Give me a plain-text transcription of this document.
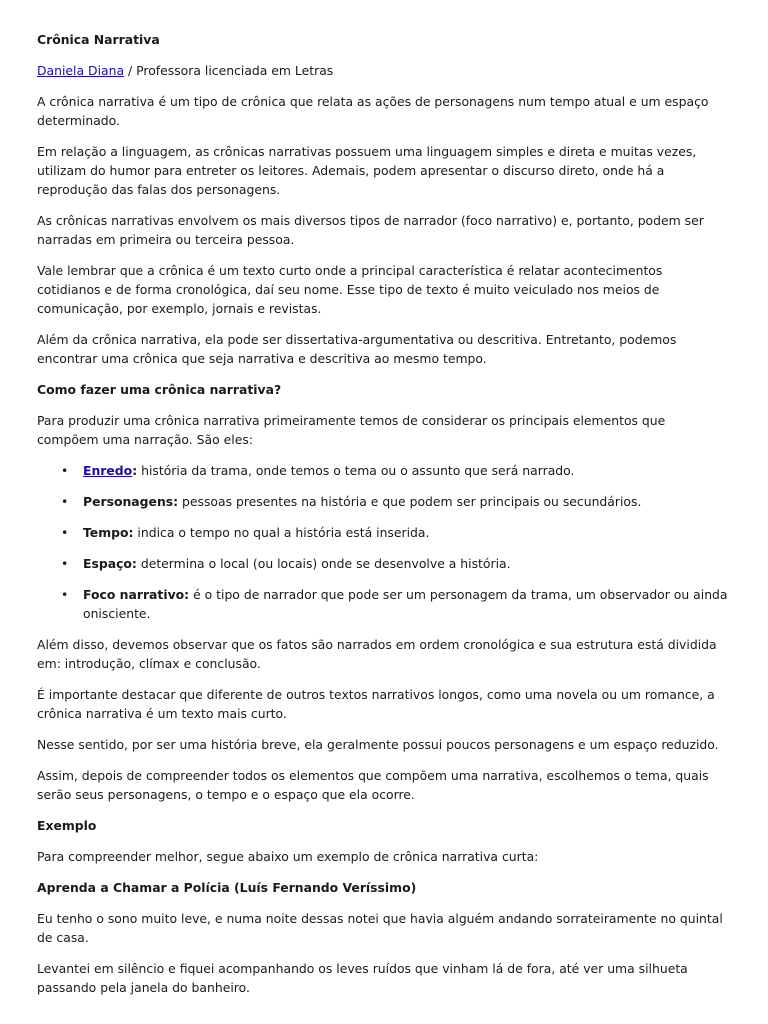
Crônica Narrativa

Daniela Diana / Professora licenciada em Letras

A crônica narrativa é um tipo de crônica que relata as ações de personagens num tempo atual e um espaço determinado.

Em relação a linguagem, as crônicas narrativas possuem uma linguagem simples e direta e muitas vezes, utilizam do humor para entreter os leitores. Ademais, podem apresentar o discurso direto, onde há a reprodução das falas dos personagens.

As crônicas narrativas envolvem os mais diversos tipos de narrador (foco narrativo) e, portanto, podem ser narradas em primeira ou terceira pessoa.

Vale lembrar que a crônica é um texto curto onde a principal característica é relatar acontecimentos cotidianos e de forma cronológica, daí seu nome. Esse tipo de texto é muito veiculado nos meios de comunicação, por exemplo, jornais e revistas.

Além da crônica narrativa, ela pode ser dissertativa-argumentativa ou descritiva. Entretanto, podemos encontrar uma crônica que seja narrativa e descritiva ao mesmo tempo.

Como fazer uma crônica narrativa?

Para produzir uma crônica narrativa primeiramente temos de considerar os principais elementos que compõem uma narração. São eles:

• Enredo: história da trama, onde temos o tema ou o assunto que será narrado.
• Personagens: pessoas presentes na história e que podem ser principais ou secundários.
• Tempo: indica o tempo no qual a história está inserida.
• Espaço: determina o local (ou locais) onde se desenvolve a história.
• Foco narrativo: é o tipo de narrador que pode ser um personagem da trama, um observador ou ainda onisciente.

Além disso, devemos observar que os fatos são narrados em ordem cronológica e sua estrutura está dividida em: introdução, clímax e conclusão.

É importante destacar que diferente de outros textos narrativos longos, como uma novela ou um romance, a crônica narrativa é um texto mais curto.

Nesse sentido, por ser uma história breve, ela geralmente possui poucos personagens e um espaço reduzido.

Assim, depois de compreender todos os elementos que compõem uma narrativa, escolhemos o tema, quais serão seus personagens, o tempo e o espaço que ela ocorre.

Exemplo

Para compreender melhor, segue abaixo um exemplo de crônica narrativa curta:

Aprenda a Chamar a Polícia (Luís Fernando Veríssimo)

Eu tenho o sono muito leve, e numa noite dessas notei que havia alguém andando sorrateiramente no quintal de casa.

Levantei em silêncio e fiquei acompanhando os leves ruídos que vinham lá de fora, até ver uma silhueta passando pela janela do banheiro.
